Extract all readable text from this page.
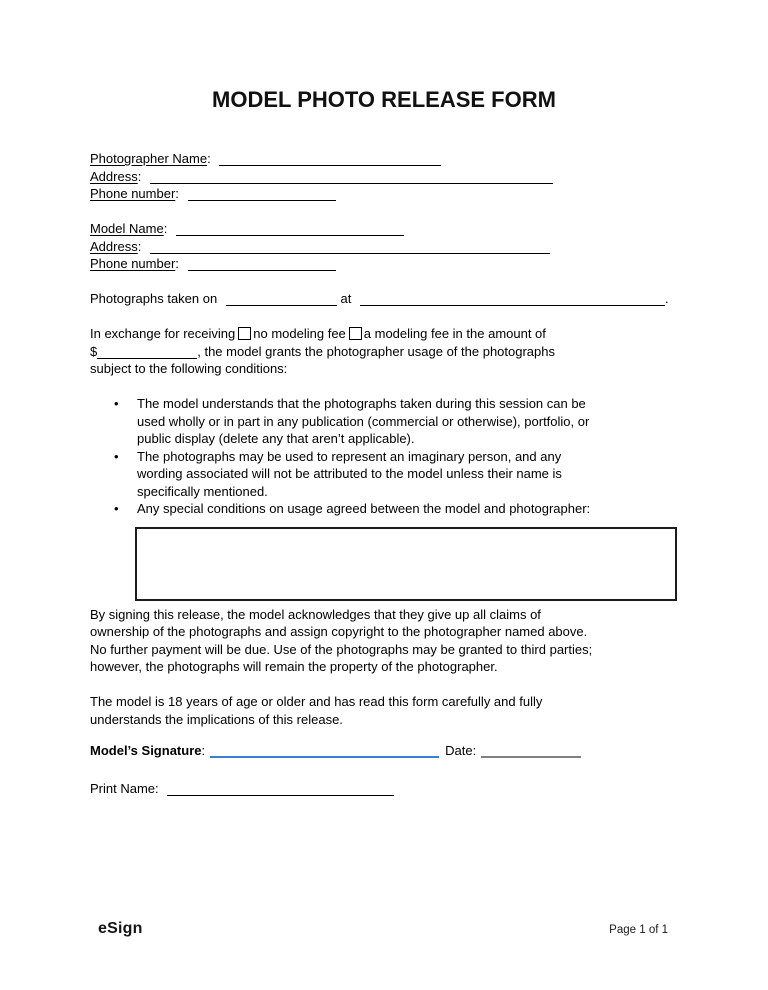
MODEL PHOTO RELEASE FORM
Photographer Name:
Address:
Phone number:
Model Name:
Address:
Phone number:
Photographs taken on	at	.
In exchange for receiving no modeling fee a modeling fee in the amount of
$	, the model grants the photographer usage of the photographs
subject to the following conditions:
•	The model understands that the photographs taken during this session can be
used wholly or in part in any publication (commercial or otherwise), portfolio, or
public display (delete any that aren’t applicable).
•	The photographs may be used to represent an imaginary person, and any
wording associated will not be attributed to the model unless their name is
specifically mentioned.
•	Any special conditions on usage agreed between the model and photographer:
By signing this release, the model acknowledges that they give up all claims of
ownership of the photographs and assign copyright to the photographer named above.
No further payment will be due. Use of the photographs may be granted to third parties;
however, the photographs will remain the property of the photographer.
The model is 18 years of age or older and has read this form carefully and fully
understands the implications of this release.
Model’s Signature:	Date:
Print Name:
eSign	Page 1 of 1
